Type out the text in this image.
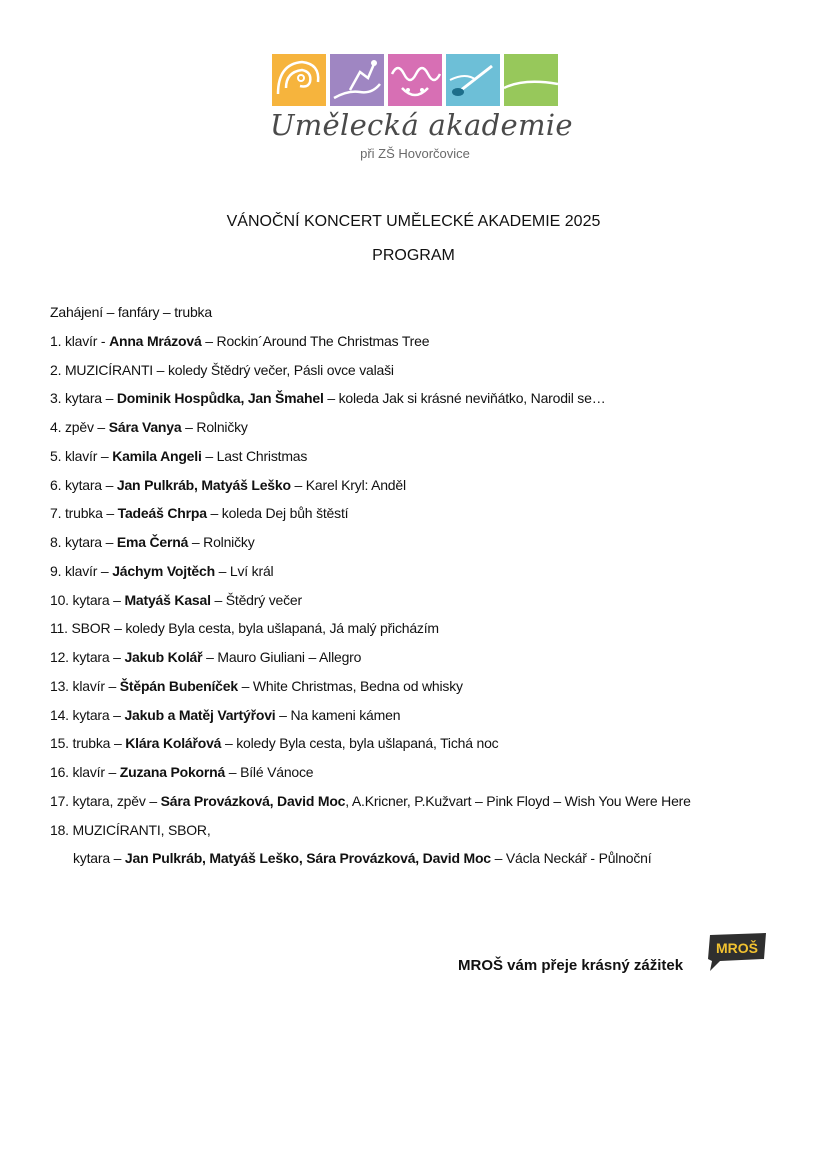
Umělecká akademie
při ZŠ Hovorčovice
VÁNOČNÍ KONCERT UMĚLECKÉ AKADEMIE 2025
PROGRAM
Zahájení – fanfáry – trubka
1. klavír - Anna Mrázová – Rockin´Around The Christmas Tree
2. MUZICÍRANTI – koledy Štědrý večer, Pásli ovce valaši
3. kytara – Dominik Hospůdka, Jan Šmahel – koleda Jak si krásné neviňátko, Narodil se…
4. zpěv – Sára Vanya – Rolničky
5. klavír – Kamila Angeli – Last Christmas
6. kytara – Jan Pulkráb, Matyáš Leško – Karel Kryl: Anděl
7. trubka – Tadeáš Chrpa – koleda Dej bůh štěstí
8. kytara – Ema Černá – Rolničky
9. klavír – Jáchym Vojtěch – Lví král
10. kytara – Matyáš Kasal – Štědrý večer
11. SBOR – koledy Byla cesta, byla ušlapaná, Já malý přicházím
12. kytara – Jakub Kolář – Mauro Giuliani – Allegro
13. klavír – Štěpán Bubeníček – White Christmas, Bedna od whisky
14. kytara – Jakub a Matěj Vartýřovi – Na kameni kámen
15. trubka – Klára Kolářová – koledy Byla cesta, byla ušlapaná, Tichá noc
16. klavír – Zuzana Pokorná – Bílé Vánoce
17. kytara, zpěv – Sára Provázková, David Moc, A.Kricner, P.Kužvart – Pink Floyd – Wish You Were Here
18. MUZICÍRANTI, SBOR,
kytara – Jan Pulkráb, Matyáš Leško, Sára Provázková, David Moc – Václa Neckář - Půlnoční
MROŠ vám přeje krásný zážitek
MROŠ
